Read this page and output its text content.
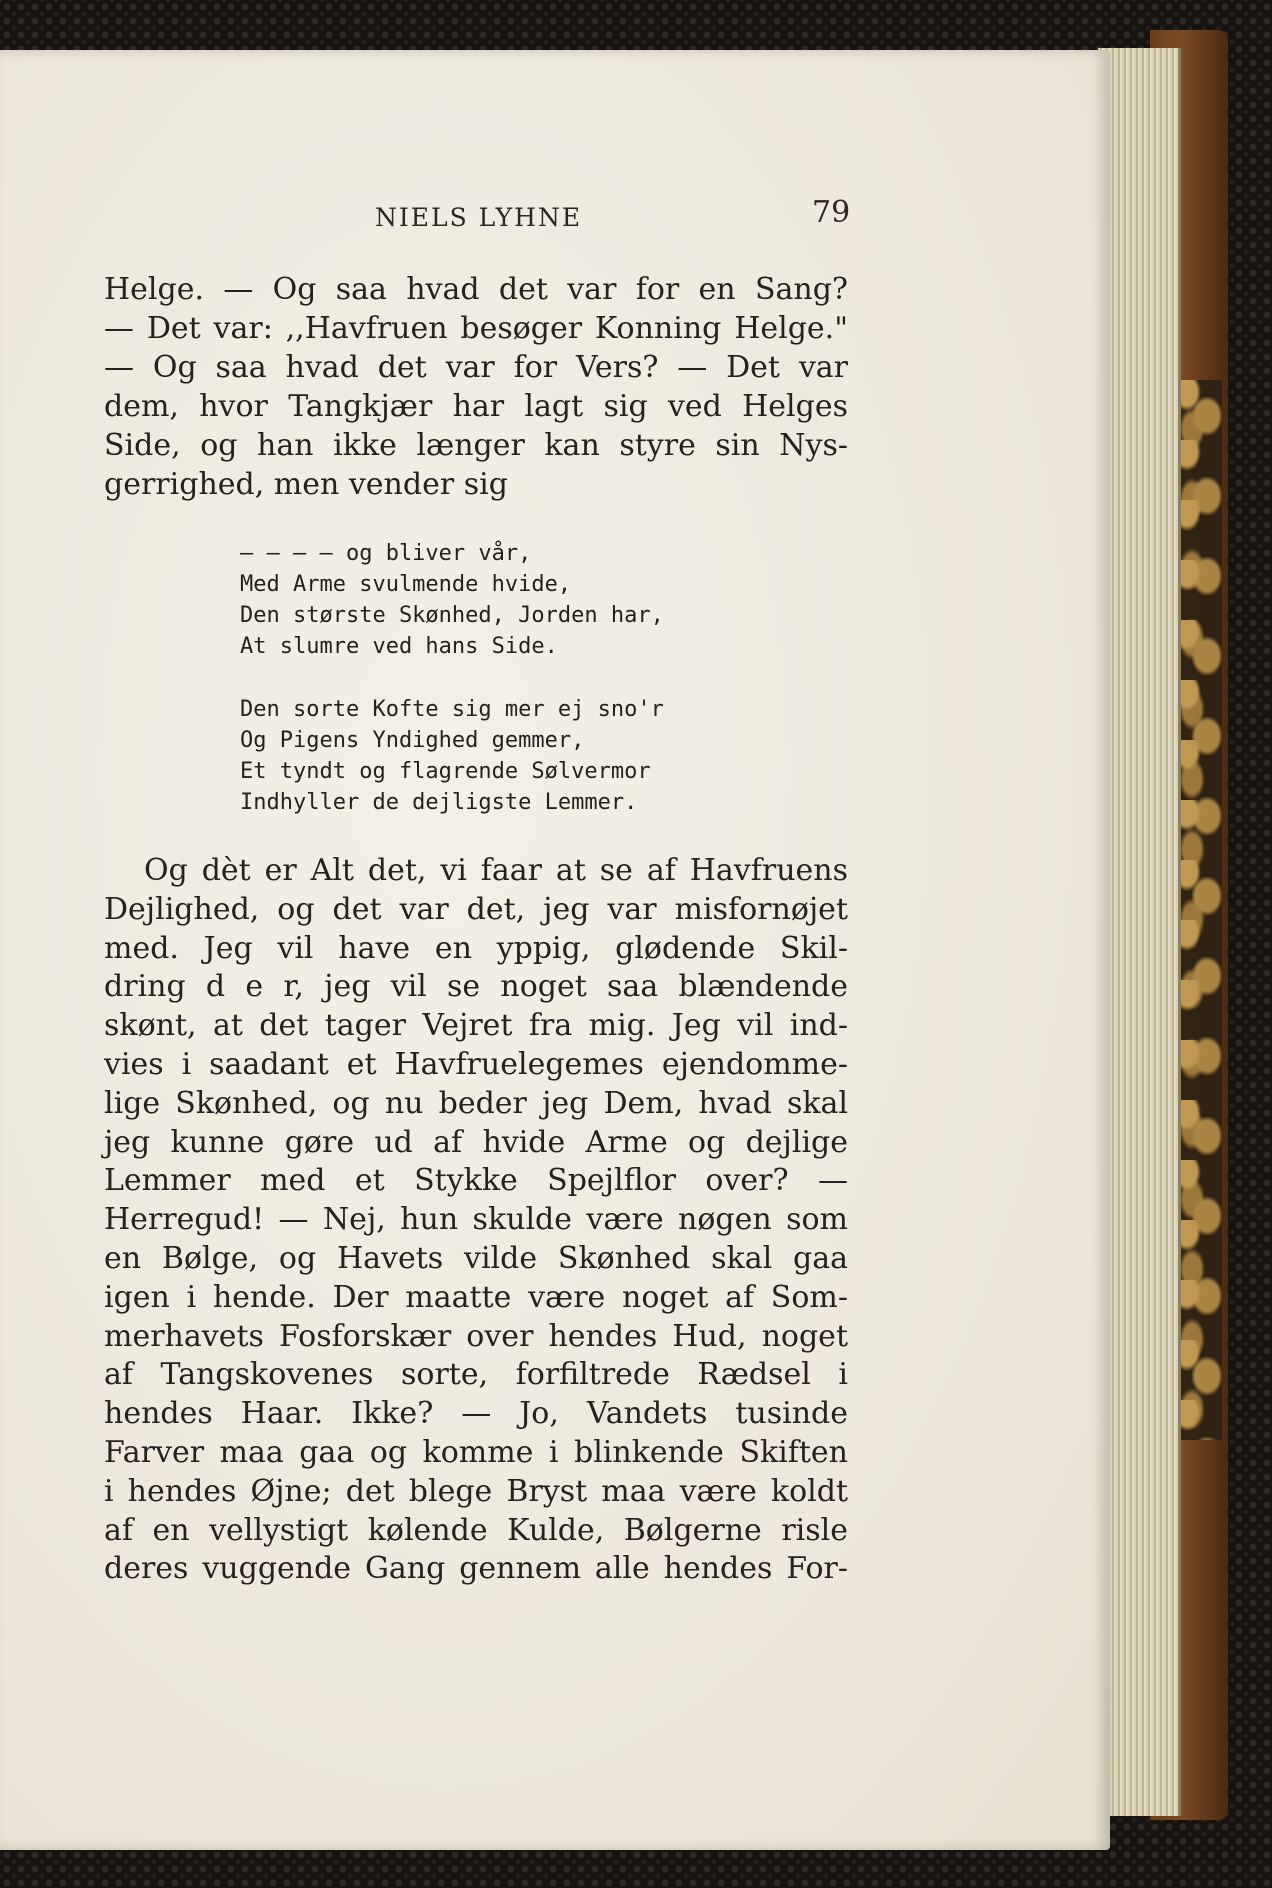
NIELS LYHNE	79
Helge. — Og saa hvad det var for en Sang?
— Det var: ,,Havfruen besøger Konning Helge."
— Og saa hvad det var for Vers? — Det var
dem, hvor Tangkjær har lagt sig ved Helges
Side, og han ikke længer kan styre sin Nys-
gerrighed, men vender sig
— — — — og bliver vår,
Med Arme svulmende hvide,
Den største Skønhed, Jorden har,
At slumre ved hans Side.
Den sorte Kofte sig mer ej sno'r
Og Pigens Yndighed gemmer,
Et tyndt og flagrende Sølvermor
Indhyller de dejligste Lemmer.
Og dèt er Alt det, vi faar at se af Havfruens
Dejlighed, og det var det, jeg var misfornøjet
med. Jeg vil have en yppig, glødende Skil-
dring d e r, jeg vil se noget saa blændende
skønt, at det tager Vejret fra mig. Jeg vil ind-
vies i saadant et Havfruelegemes ejendomme-
lige Skønhed, og nu beder jeg Dem, hvad skal
jeg kunne gøre ud af hvide Arme og dejlige
Lemmer med et Stykke Spejlflor over? —
Herregud! — Nej, hun skulde være nøgen som
en Bølge, og Havets vilde Skønhed skal gaa
igen i hende. Der maatte være noget af Som-
merhavets Fosforskær over hendes Hud, noget
af Tangskovenes sorte, forfiltrede Rædsel i
hendes Haar. Ikke? — Jo, Vandets tusinde
Farver maa gaa og komme i blinkende Skiften
i hendes Øjne; det blege Bryst maa være koldt
af en vellystigt kølende Kulde, Bølgerne risle
deres vuggende Gang gennem alle hendes For-
